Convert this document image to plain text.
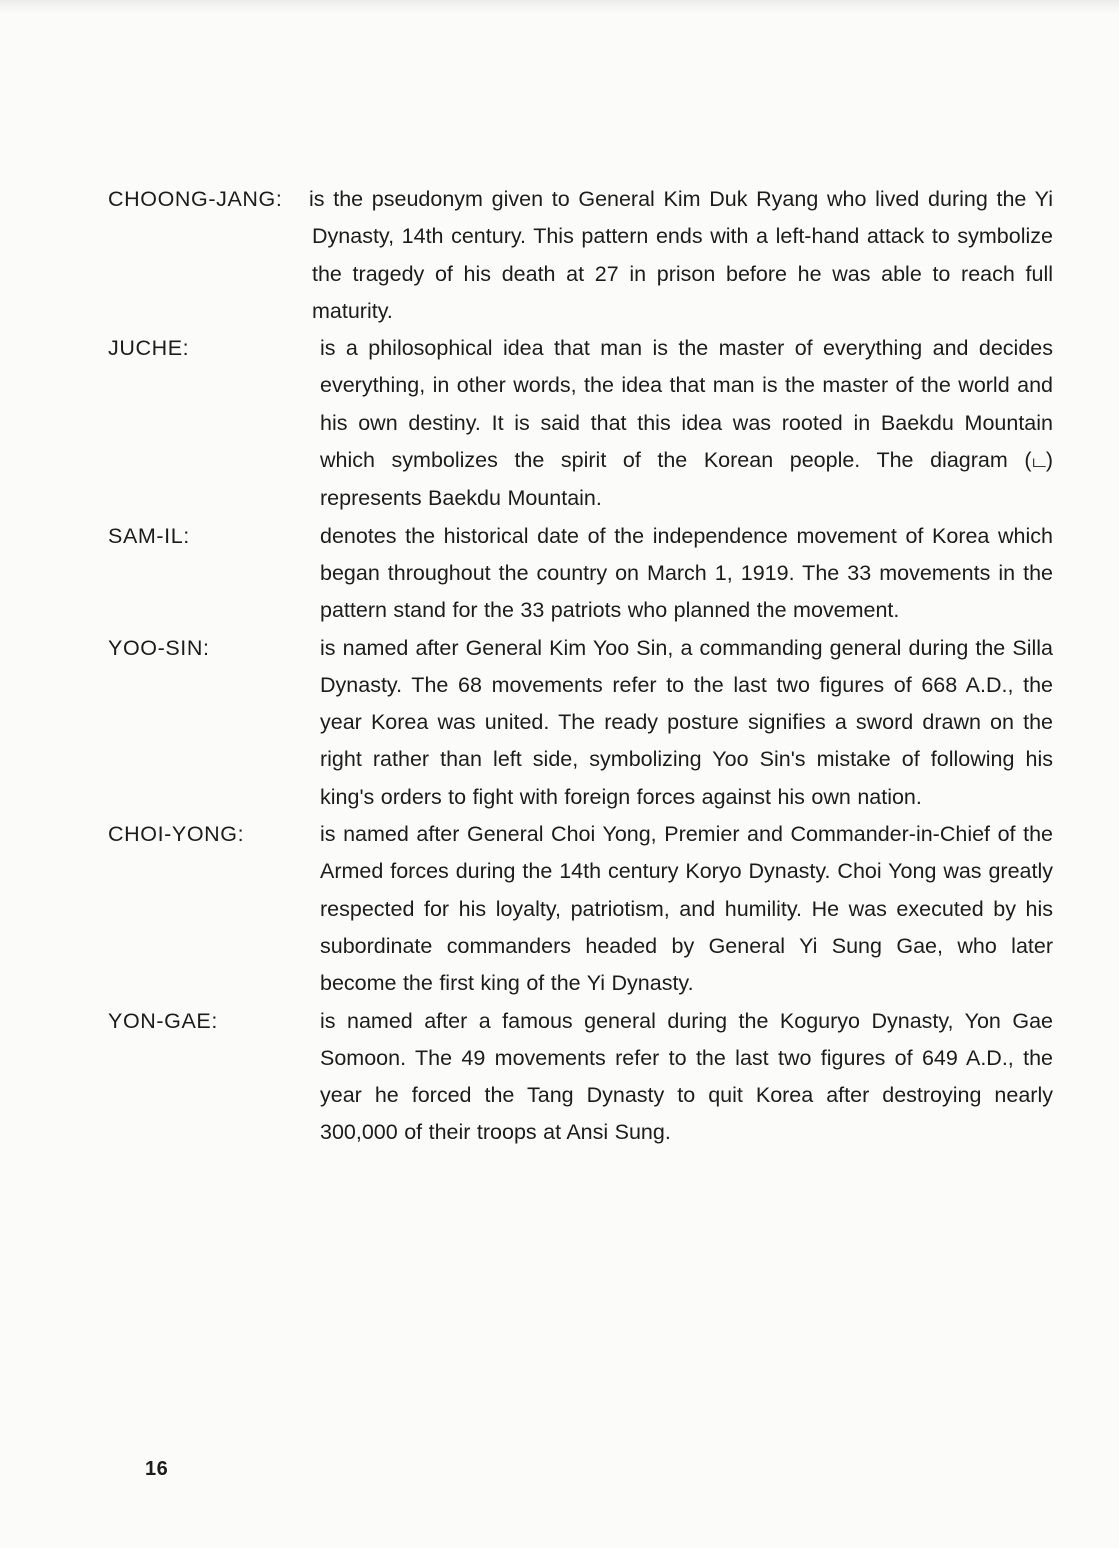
CHOONG-JANG:	is the pseudonym given to General Kim Duk Ryang who lived during the Yi Dynasty, 14th century. This pattern ends with a left-hand attack to symbolize the tragedy of his death at 27 in prison before he was able to reach full maturity.
JUCHE:	is a philosophical idea that man is the master of everything and decides everything, in other words, the idea that man is the master of the world and his own destiny. It is said that this idea was rooted in Baekdu Mountain which symbolizes the spirit of the Korean people. The diagram (ட) represents Baekdu Mountain.
SAM-IL:	denotes the historical date of the independence movement of Korea which began throughout the country on March 1, 1919. The 33 movements in the pattern stand for the 33 patriots who planned the movement.
YOO-SIN:	is named after General Kim Yoo Sin, a commanding general during the Silla Dynasty. The 68 movements refer to the last two figures of 668 A.D., the year Korea was united. The ready posture signifies a sword drawn on the right rather than left side, symbolizing Yoo Sin's mistake of following his king's orders to fight with foreign forces against his own nation.
CHOI-YONG:	is named after General Choi Yong, Premier and Commander-in-Chief of the Armed forces during the 14th century Koryo Dynasty. Choi Yong was greatly respected for his loyalty, patriotism, and humility. He was executed by his subordinate commanders headed by General Yi Sung Gae, who later become the first king of the Yi Dynasty.
YON-GAE:	is named after a famous general during the Koguryo Dynasty, Yon Gae Somoon. The 49 movements refer to the last two figures of 649 A.D., the year he forced the Tang Dynasty to quit Korea after destroying nearly 300,000 of their troops at Ansi Sung.
16
